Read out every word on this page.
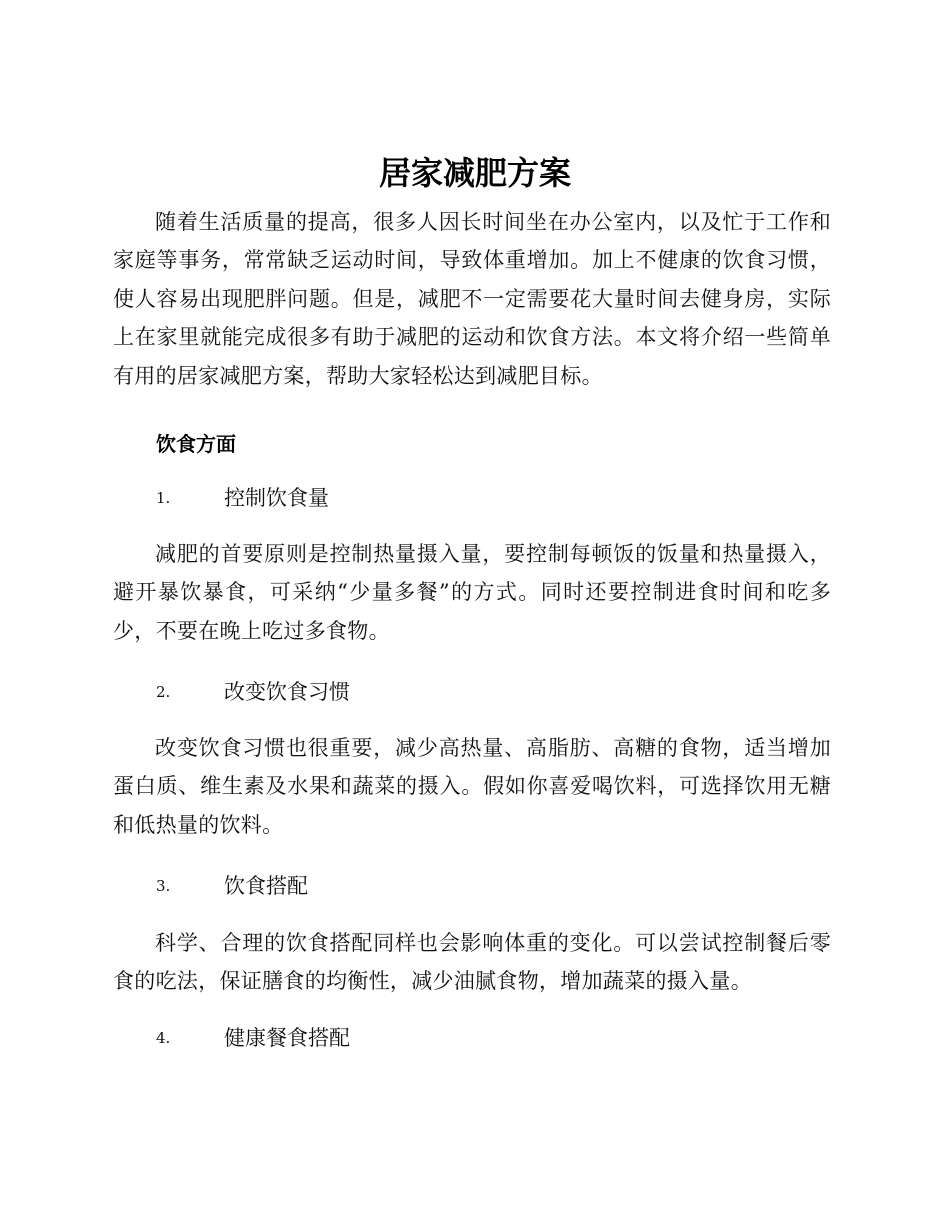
居家减肥方案

随着生活质量的提高，很多人因长时间坐在办公室内，以及忙于工作和家庭等事务，常常缺乏运动时间，导致体重增加。加上不健康的饮食习惯，使人容易出现肥胖问题。但是，减肥不一定需要花大量时间去健身房，实际上在家里就能完成很多有助于减肥的运动和饮食方法。本文将介绍一些简单有用的居家减肥方案，帮助大家轻松达到减肥目标。

饮食方面
1.	控制饮食量

减肥的首要原则是控制热量摄入量，要控制每顿饭的饭量和热量摄入，避开暴饮暴食，可采纳“少量多餐”的方式。同时还要控制进食时间和吃多少，不要在晚上吃过多食物。

2.	改变饮食习惯

改变饮食习惯也很重要，减少高热量、高脂肪、高糖的食物，适当增加蛋白质、维生素及水果和蔬菜的摄入。假如你喜爱喝饮料，可选择饮用无糖和低热量的饮料。

3.	饮食搭配

科学、合理的饮食搭配同样也会影响体重的变化。可以尝试控制餐后零食的吃法，保证膳食的均衡性，减少油腻食物，增加蔬菜的摄入量。

4.	健康餐食搭配
